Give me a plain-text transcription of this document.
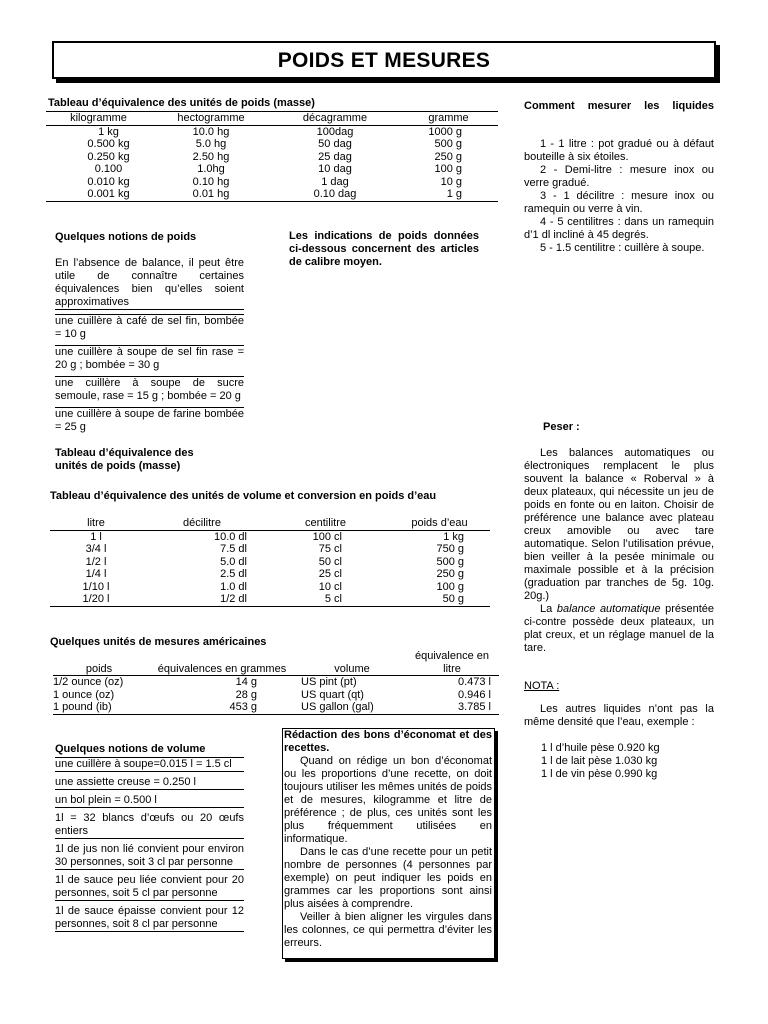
POIDS ET MESURES
Tableau d’équivalence des unités de poids (masse)
kilogramme	hectogramme	décagramme	gramme
1 kg	10.0 hg	100dag	1000 g
0.500 kg	5.0 hg	50 dag	500 g
0.250 kg	2.50 hg	25 dag	250 g
0.100	1.0hg	10 dag	100 g
0.010 kg	0.10 hg	1 dag	10 g
0.001 kg	0.01 hg	0.10 dag	1 g
Quelques notions de poids

En l’absence de balance, il peut être utile de connaître certaines équivalences bien qu’elles soient approximatives

une cuillère à café de sel fin, bombée = 10 g

une cuillère à soupe de sel fin rase = 20 g ; bombée = 30 g

une cuillère à soupe de sucre semoule, rase = 15 g ; bombée = 20 g

une cuillère à soupe de farine bombée = 25 g

Les indications de poids données ci-dessous concernent des articles de calibre moyen.
Tableau d’équivalence des unités de poids (masse)
Tableau d’équivalence des unités de volume et conversion en poids d’eau
litre	décilitre	centilitre	poids d’eau
1 l	10.0 dl	100 cl	1 kg
3/4 l	7.5 dl	75 cl	750 g
1/2 l	5.0 dl	50 cl	500 g
1/4 l	2.5 dl	25 cl	250 g
1/10 l	1.0 dl	10 cl	100 g
1/20 l	1/2 dl	5 cl	50 g
Quelques unités de mesures américaines
poids	équivalences en grammes	volume	équivalence en litre
1/2 ounce (oz)	14 g	US pint (pt)	0.473 l
1 ounce (oz)	28 g	US quart (qt)	0.946 l
1 pound (ib)	453 g	US gallon (gal)	3.785 l
Quelques notions de volume

une cuillère à soupe=0.015 l = 1.5 cl

une assiette creuse = 0.250 l

un bol plein = 0.500 l

1l = 32 blancs d’œufs ou 20 œufs entiers

1l de jus non lié convient pour environ 30 personnes, soit 3 cl par personne

1l de sauce peu liée convient pour 20 personnes, soit 5 cl par personne

1l de sauce épaisse convient pour 12 personnes, soit 8 cl par personne

Rédaction des bons d’économat et des recettes.

Quand on rédige un bon d’économat ou les proportions d’une recette, on doit toujours utiliser les mêmes unités de poids et de mesures, kilogramme et litre de préférence ; de plus, ces unités sont les plus fréquemment utilisées en informatique.

Dans le cas d’une recette pour un petit nombre de personnes (4 personnes par exemple) on peut indiquer les poids en grammes car les proportions sont ainsi plus aisées à comprendre.

Veiller à bien aligner les virgules dans les colonnes, ce qui permettra d’éviter les erreurs.

Comment mesurer les liquides

1 - 1 litre : pot gradué ou à défaut bouteille à six étoiles.

2 - Demi-litre : mesure inox ou verre gradué.

3 - 1 décilitre : mesure inox ou ramequin ou verre à vin.

4 - 5 centilitres : dans un ramequin d’1 dl incliné à 45 degrés.

5 - 1.5 centilitre : cuillère à soupe.

Peser :

Les balances automatiques ou électroniques remplacent le plus souvent la balance « Roberval » à deux plateaux, qui nécessite un jeu de poids en fonte ou en laiton. Choisir de préférence une balance avec plateau creux amovible ou avec tare automatique. Selon l’utilisation prévue, bien veiller à la pesée minimale ou maximale possible et à la précision (graduation par tranches de 5g. 10g. 20g.)

La balance automatique présentée ci-contre possède deux plateaux, un plat creux, et un réglage manuel de la tare.

NOTA :
Les autres liquides n’ont pas la même densité que l’eau, exemple :

1 l d’huile pèse 0.920 kg

1 l de lait pèse 1.030 kg

1 l de vin pèse 0.990 kg
